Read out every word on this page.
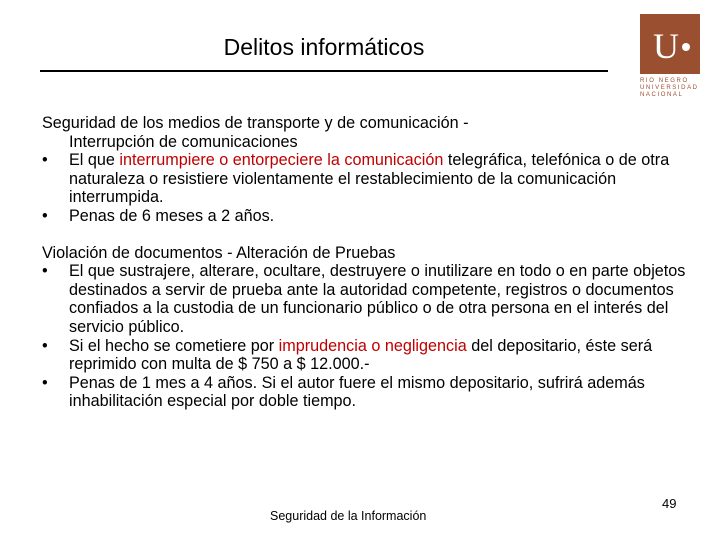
Delitos informáticos	U
RIO NEGRO
UNIVERSIDAD
NACIONAL
Seguridad de los medios de transporte y de comunicación -
Interrupción de comunicaciones
• El que interrumpiere o entorpeciere la comunicación telegráfica, telefónica o de otra naturaleza o resistiere violentamente el restablecimiento de la comunicación interrumpida.
• Penas de 6 meses a 2 años.
Violación de documentos - Alteración de Pruebas
• El que sustrajere, alterare, ocultare, destruyere o inutilizare en todo o en parte objetos destinados a servir de prueba ante la autoridad competente, registros o documentos confiados a la custodia de un funcionario público o de otra persona en el interés del servicio público.
• Si el hecho se cometiere por imprudencia o negligencia del depositario, éste será reprimido con multa de $ 750 a $ 12.000.-
• Penas de 1 mes a 4 años. Si el autor fuere el mismo depositario, sufrirá además inhabilitación especial por doble tiempo.
Seguridad de la Información
49
